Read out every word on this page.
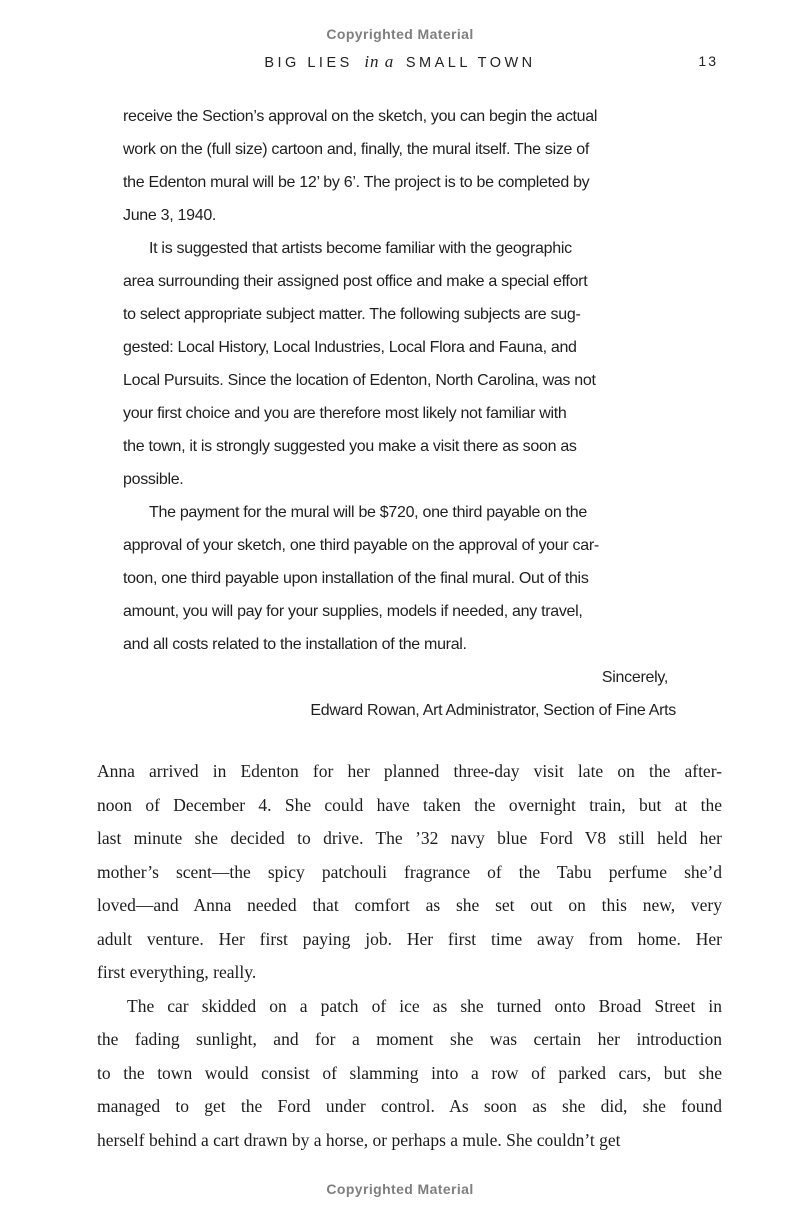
Copyrighted Material
BIG LIES in a SMALL TOWN	13
receive the Section’s approval on the sketch, you can begin the actual
work on the (full size) cartoon and, finally, the mural itself. The size of
the Edenton mural will be 12’ by 6’. The project is to be completed by
June 3, 1940.
It is suggested that artists become familiar with the geographic
area surrounding their assigned post office and make a special effort
to select appropriate subject matter. The following subjects are sug-
gested: Local History, Local Industries, Local Flora and Fauna, and
Local Pursuits. Since the location of Edenton, North Carolina, was not
your first choice and you are therefore most likely not familiar with
the town, it is strongly suggested you make a visit there as soon as
possible.
The payment for the mural will be $720, one third payable on the
approval of your sketch, one third payable on the approval of your car-
toon, one third payable upon installation of the final mural. Out of this
amount, you will pay for your supplies, models if needed, any travel,
and all costs related to the installation of the mural.
Sincerely,
Edward Rowan, Art Administrator, Section of Fine Arts
Anna arrived in Edenton for her planned three-day visit late on the after-
noon of December 4. She could have taken the overnight train, but at the
last minute she decided to drive. The ’32 navy blue Ford V8 still held her
mother’s scent—the spicy patchouli fragrance of the Tabu perfume she’d
loved—and Anna needed that comfort as she set out on this new, very
adult venture. Her first paying job. Her first time away from home. Her
first everything, really.
The car skidded on a patch of ice as she turned onto Broad Street in
the fading sunlight, and for a moment she was certain her introduction
to the town would consist of slamming into a row of parked cars, but she
managed to get the Ford under control. As soon as she did, she found
herself behind a cart drawn by a horse, or perhaps a mule. She couldn’t get
Copyrighted Material
